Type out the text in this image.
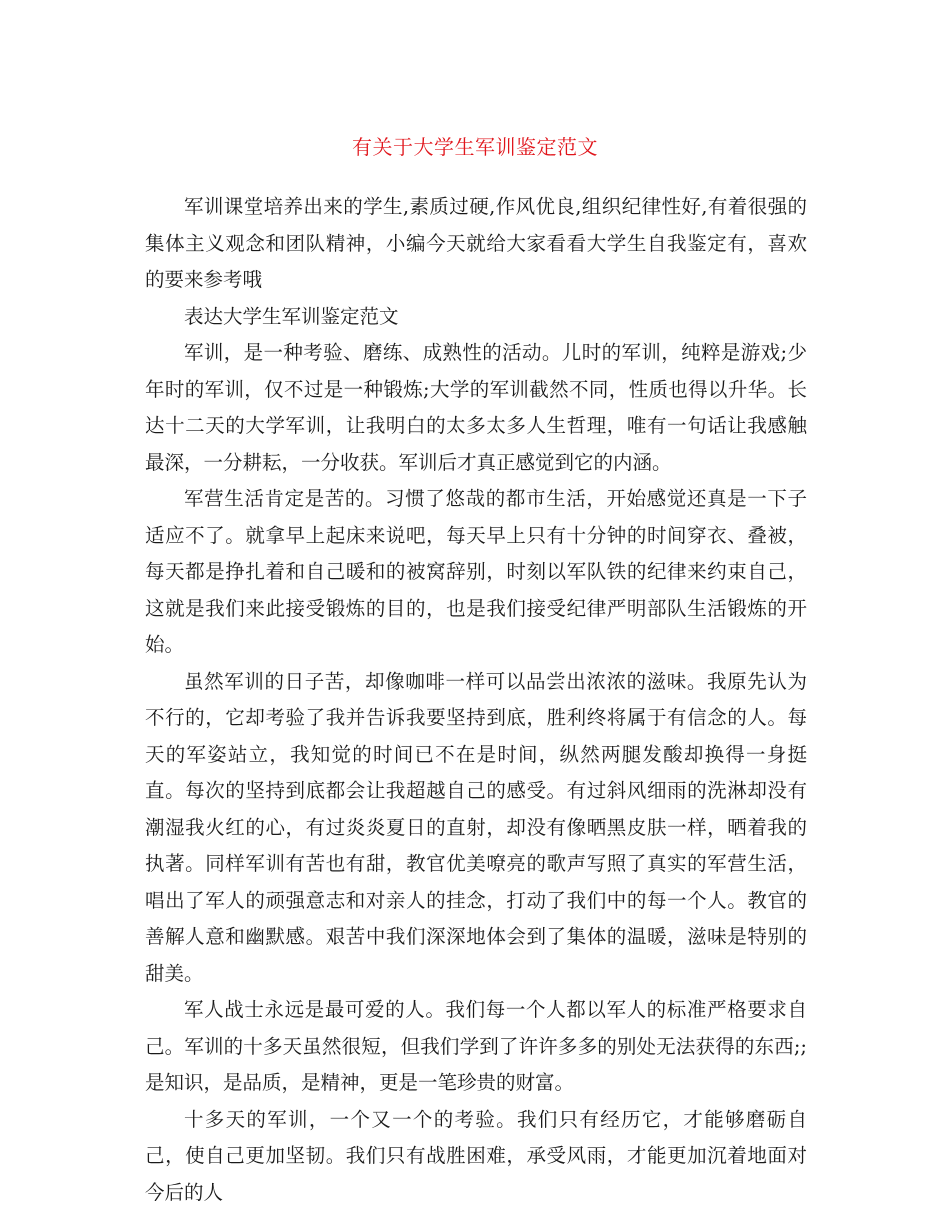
有关于大学生军训鉴定范文

军训课堂培养出来的学生,素质过硬,作风优良,组织纪律性好,有着很强的集体主义观念和团队精神，小编今天就给大家看看大学生自我鉴定有，喜欢的要来参考哦

表达大学生军训鉴定范文

军训，是一种考验、磨练、成熟性的活动。儿时的军训，纯粹是游戏;少年时的军训，仅不过是一种锻炼;大学的军训截然不同，性质也得以升华。长达十二天的大学军训，让我明白的太多太多人生哲理，唯有一句话让我感触最深，一分耕耘，一分收获。军训后才真正感觉到它的内涵。

军营生活肯定是苦的。习惯了悠哉的都市生活，开始感觉还真是一下子适应不了。就拿早上起床来说吧，每天早上只有十分钟的时间穿衣、叠被，每天都是挣扎着和自己暖和的被窝辞别，时刻以军队铁的纪律来约束自己，这就是我们来此接受锻炼的目的，也是我们接受纪律严明部队生活锻炼的开始。

虽然军训的日子苦，却像咖啡一样可以品尝出浓浓的滋味。我原先认为不行的，它却考验了我并告诉我要坚持到底，胜利终将属于有信念的人。每天的军姿站立，我知觉的时间已不在是时间，纵然两腿发酸却换得一身挺直。每次的坚持到底都会让我超越自己的感受。有过斜风细雨的洗淋却没有潮湿我火红的心，有过炎炎夏日的直射，却没有像晒黑皮肤一样，晒着我的执著。同样军训有苦也有甜，教官优美嘹亮的歌声写照了真实的军营生活，唱出了军人的顽强意志和对亲人的挂念，打动了我们中的每一个人。教官的善解人意和幽默感。艰苦中我们深深地体会到了集体的温暖，滋味是特别的甜美。

军人战士永远是最可爱的人。我们每一个人都以军人的标准严格要求自己。军训的十多天虽然很短，但我们学到了许许多多的别处无法获得的东西;;是知识，是品质，是精神，更是一笔珍贵的财富。

十多天的军训，一个又一个的考验。我们只有经历它，才能够磨砺自己，使自己更加坚韧。我们只有战胜困难，承受风雨，才能更加沉着地面对今后的人
